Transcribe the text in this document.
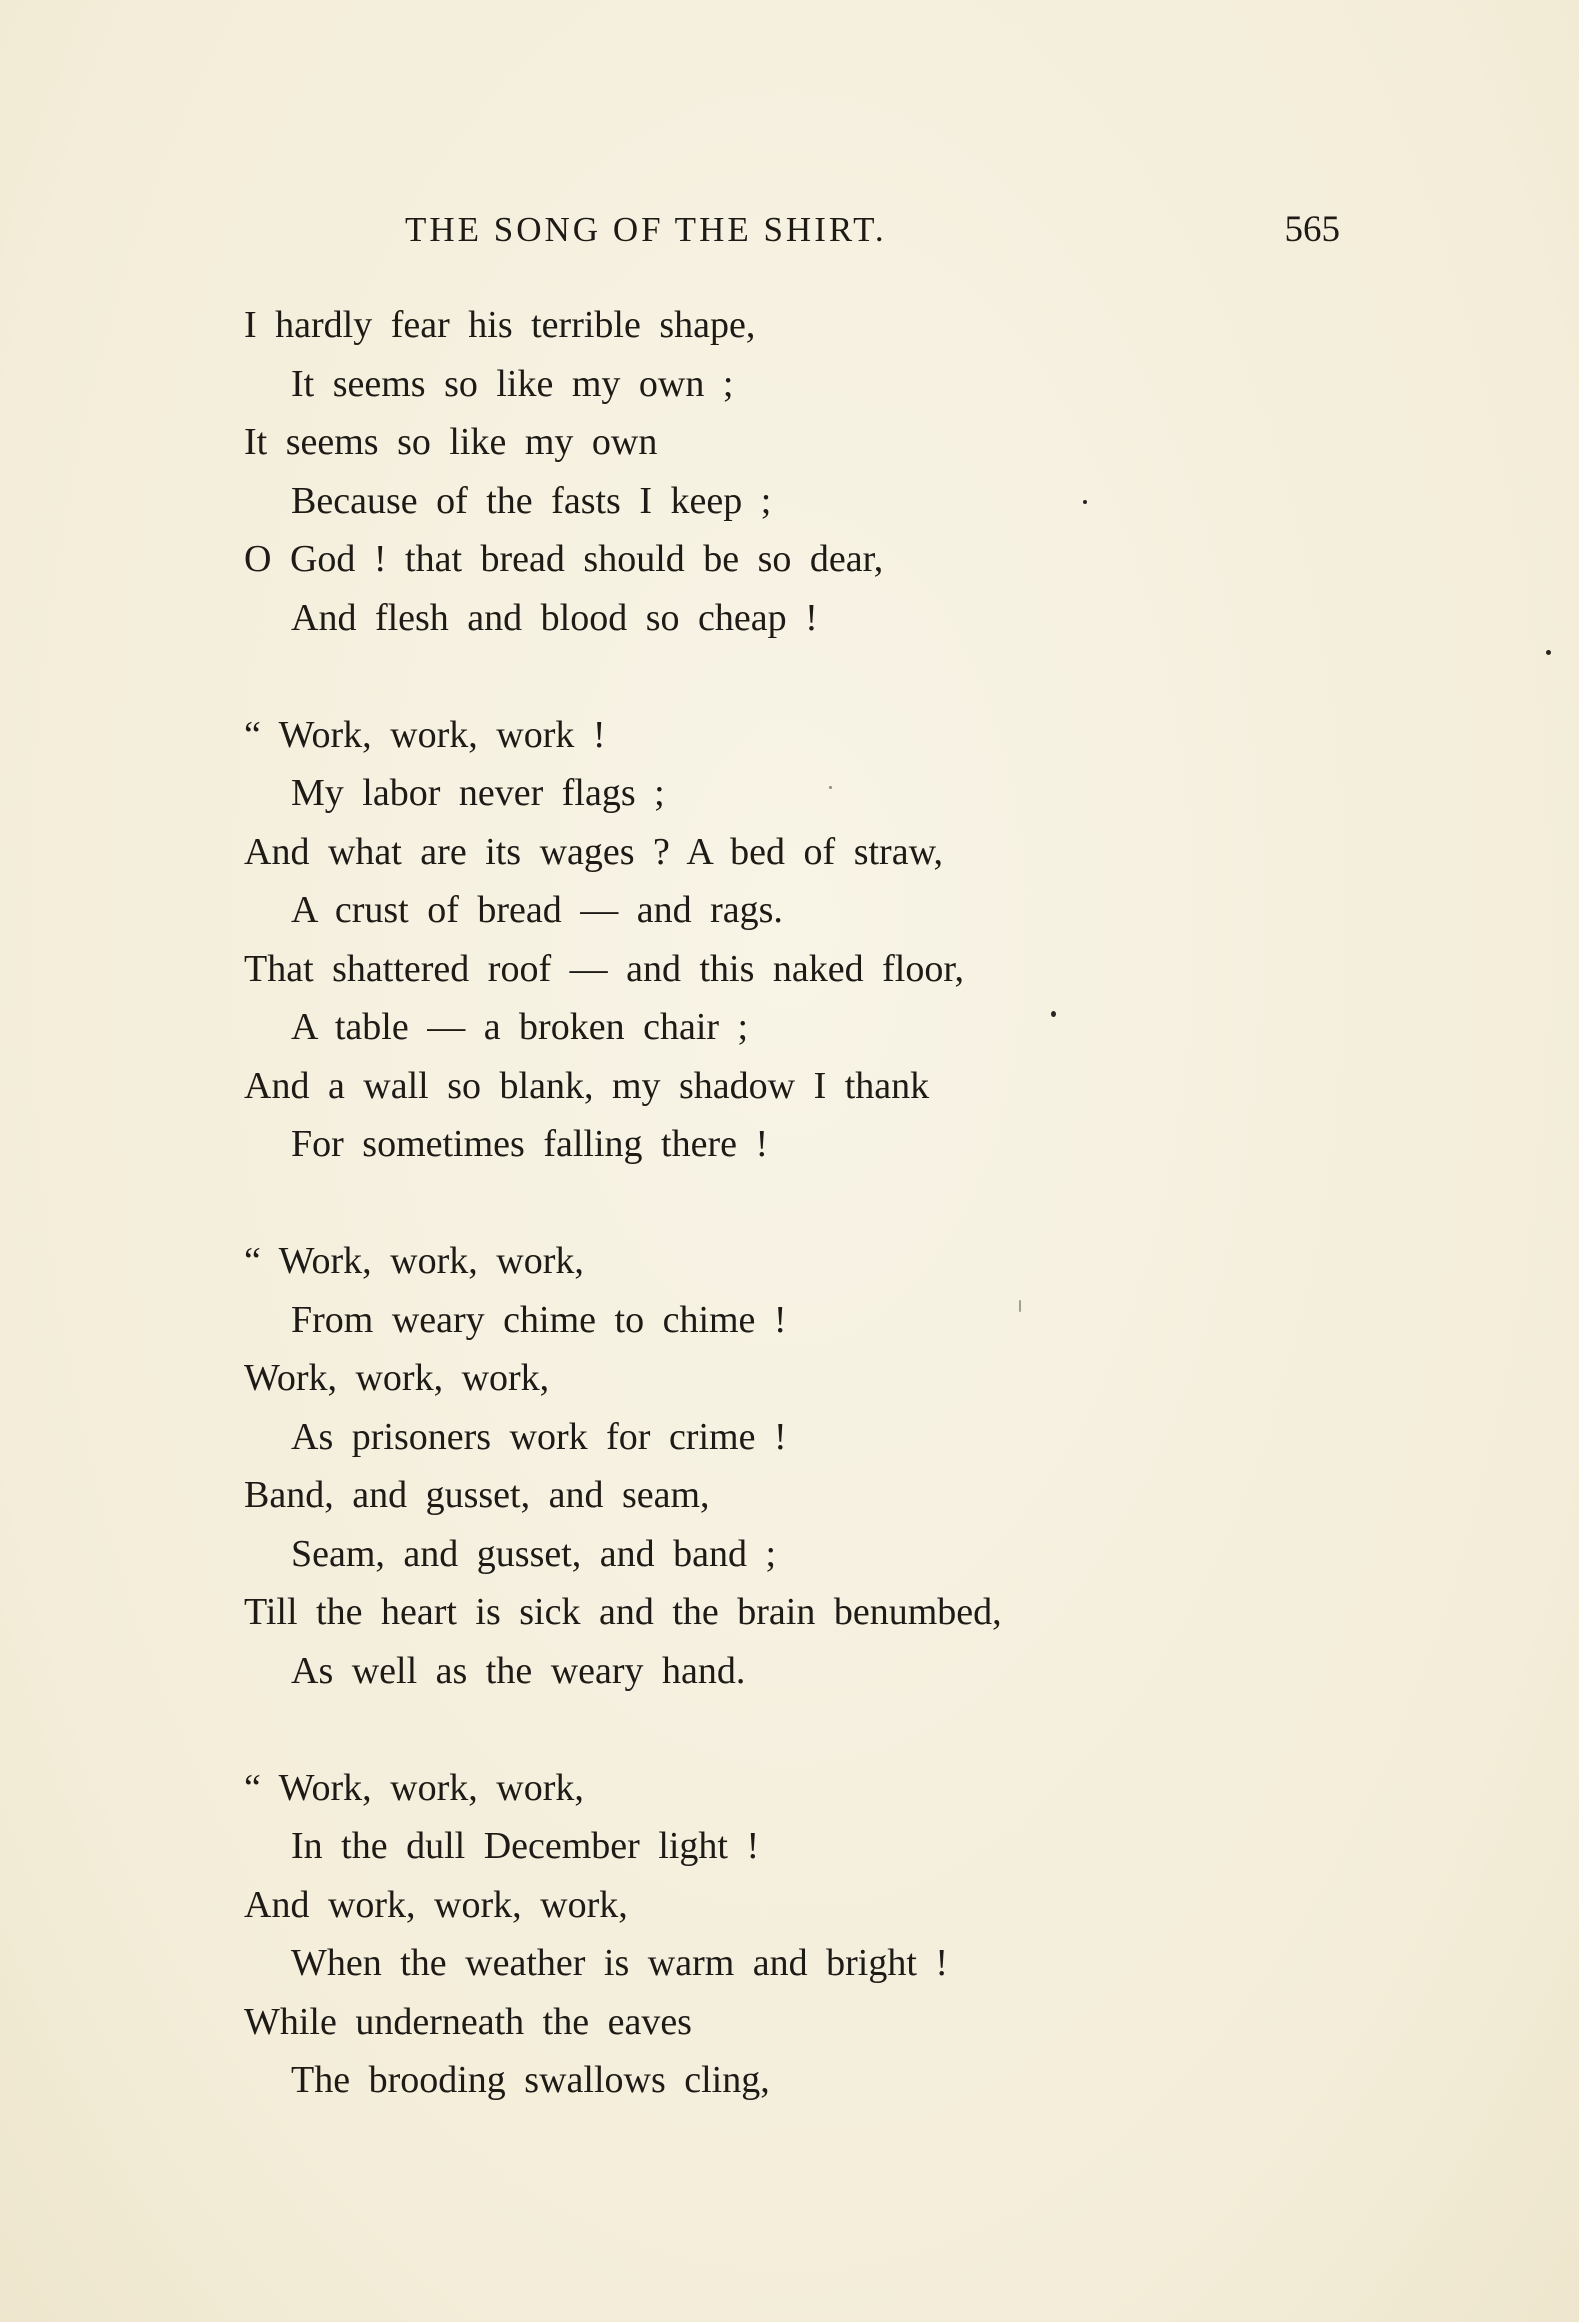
THE SONG OF THE SHIRT.	565
I hardly fear his terrible shape,
It seems so like my own ;
It seems so like my own
Because of the fasts I keep ;
O God ! that bread should be so dear,
And flesh and blood so cheap !
“ Work, work, work !
My labor never flags ;
And what are its wages ? A bed of straw,
A crust of bread — and rags.
That shattered roof — and this naked floor,
A table — a broken chair ;
And a wall so blank, my shadow I thank
For sometimes falling there !
“ Work, work, work,
From weary chime to chime !
Work, work, work,
As prisoners work for crime !
Band, and gusset, and seam,
Seam, and gusset, and band ;
Till the heart is sick and the brain benumbed,
As well as the weary hand.
“ Work, work, work,
In the dull December light !
And work, work, work,
When the weather is warm and bright !
While underneath the eaves
The brooding swallows cling,
